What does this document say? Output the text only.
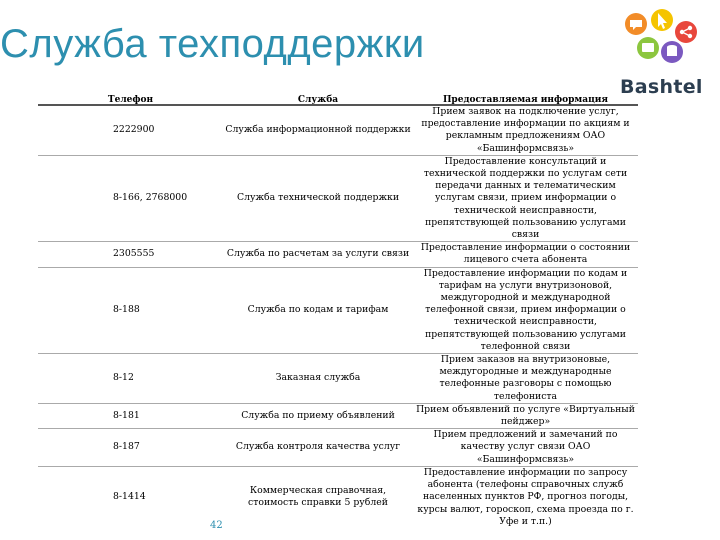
Служба техподдержки
Bashtel
Телефон	Служба	Предоставляемая информация
2222900	Служба информационной поддержки	Прием заявок на подключение услуг, предоставление информации по акциям и рекламным предложениям ОАО «Башинформсвязь»
8-166, 2768000	Служба технической поддержки	Предоставление консультаций и технической поддержки по услугам сети передачи данных и телематическим услугам связи, прием информации о технической неисправности, препятствующей пользованию услугами связи
2305555	Служба по расчетам за услуги связи	Предоставление информации о состоянии лицевого счета абонента
8-188	Служба по кодам и тарифам	Предоставление информации по кодам и тарифам на услуги внутризоновой, междугородной и международной телефонной связи, прием информации о технической неисправности, препятствующей пользованию услугами телефонной связи
8-12	Заказная служба	Прием заказов на внутризоновые, междугородные и международные телефонные разговоры с помощью телефониста
8-181	Служба по приему объявлений	Прием объявлений по услуге «Виртуальный пейджер»
8-187	Служба контроля качества услуг	Прием предложений и замечаний по качеству услуг связи ОАО «Башинформсвязь»
8-1414	Коммерческая справочная, стоимость справки 5 рублей	Предоставление информации по запросу абонента (телефоны справочных служб населенных пунктов РФ, прогноз погоды, курсы валют, гороскоп, схема проезда по г. Уфе и т.п.)
42
